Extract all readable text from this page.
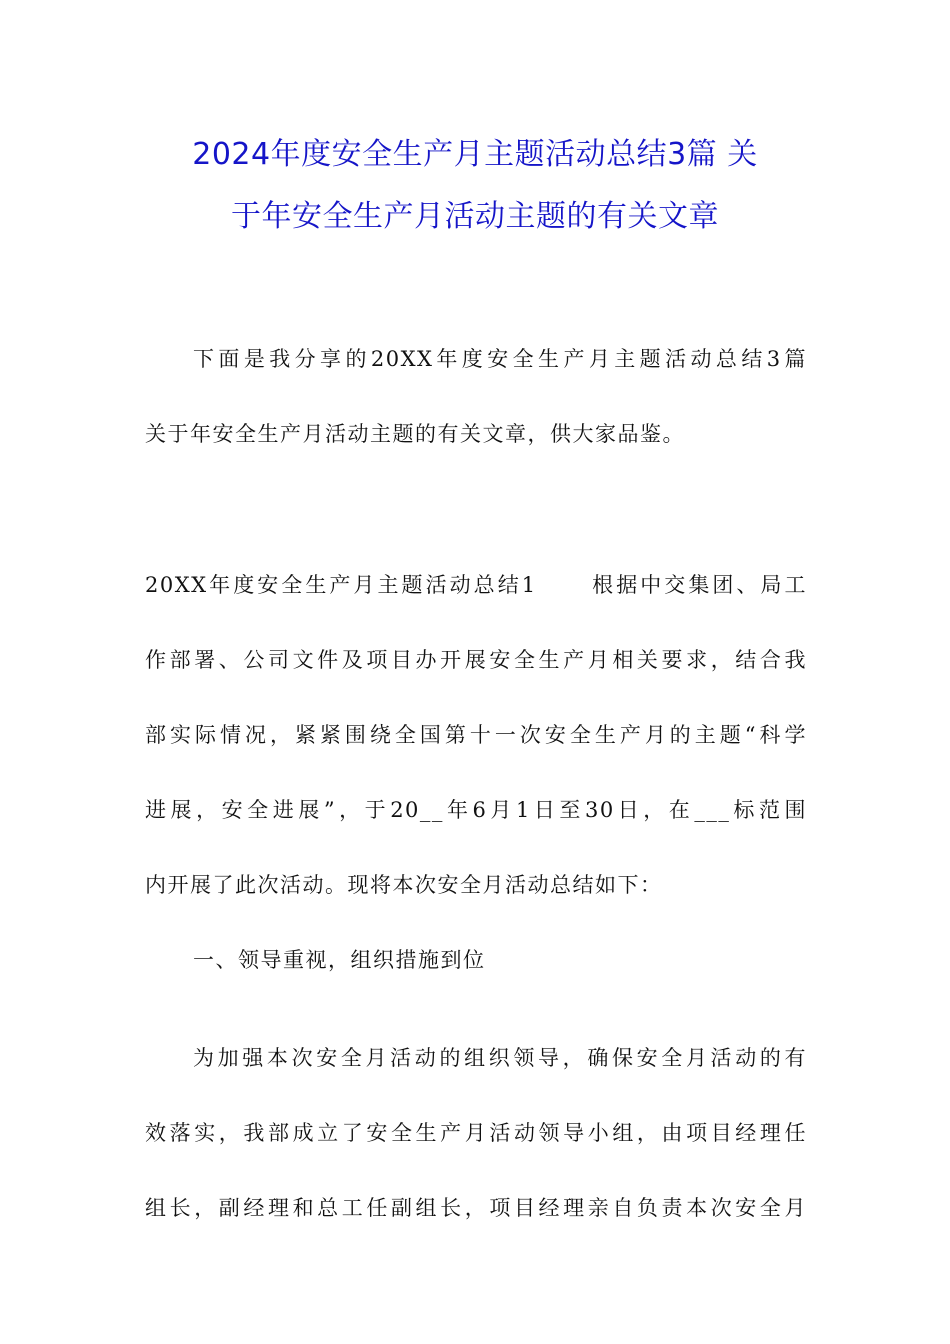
2024年度安全生产月主题活动总结3篇 关
于年安全生产月活动主题的有关文章

下面是我分享的20XX年度安全生产月主题活动总结3篇
关于年安全生产月活动主题的有关文章，供大家品鉴。

20XX年度安全生产月主题活动总结1	根据中交集团、局工
作部署、公司文件及项目办开展安全生产月相关要求，结合我
部实际情况，紧紧围绕全国第十一次安全生产月的主题“科学
进展，安全进展”，于20__年6月1日至30日，在___标范围
内开展了此次活动。现将本次安全月活动总结如下：

一、领导重视，组织措施到位

为加强本次安全月活动的组织领导，确保安全月活动的有
效落实，我部成立了安全生产月活动领导小组，由项目经理任
组长，副经理和总工任副组长，项目经理亲自负责本次安全月
